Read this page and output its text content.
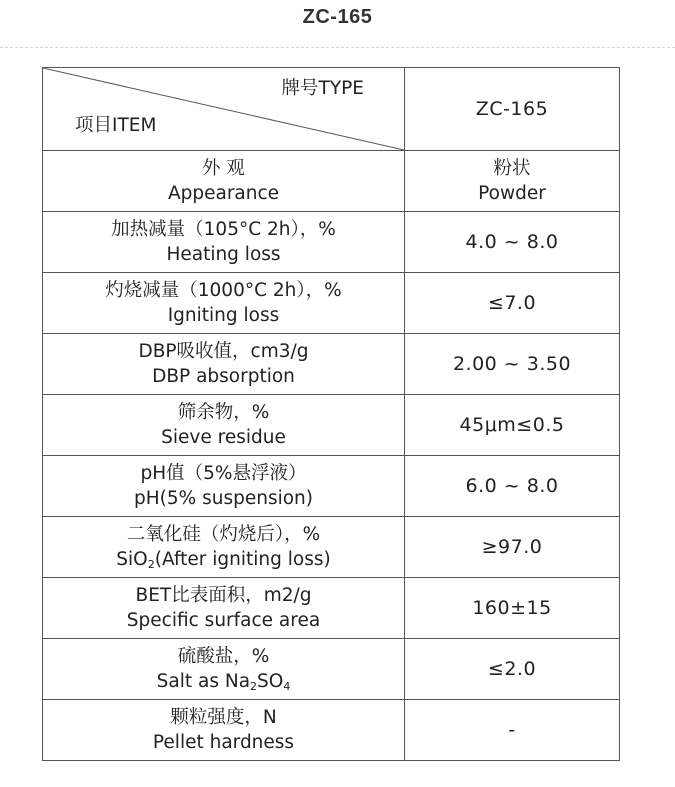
ZC-165
牌号TYPE
项目ITEM	ZC-165

外 观
Appearance	粉状
Powder

加热减量（105°C 2h），%
Heating loss	4.0 ~ 8.0

灼烧减量（1000°C 2h），%
Igniting loss	≤7.0

DBP吸收值，cm3/g
DBP absorption	2.00 ~ 3.50

筛余物，%
Sieve residue	45μm≤0.5

pH值（5%悬浮液）
pH(5% suspension)	6.0 ~ 8.0

二氧化硅（灼烧后），%
SiO$_2$(After igniting loss)	≥97.0

BET比表面积，m2/g
Specific surface area	160±15

硫酸盐，%
Salt as $Na_2SO_4$	≤2.0

颗粒强度，N
Pellet hardness	-
